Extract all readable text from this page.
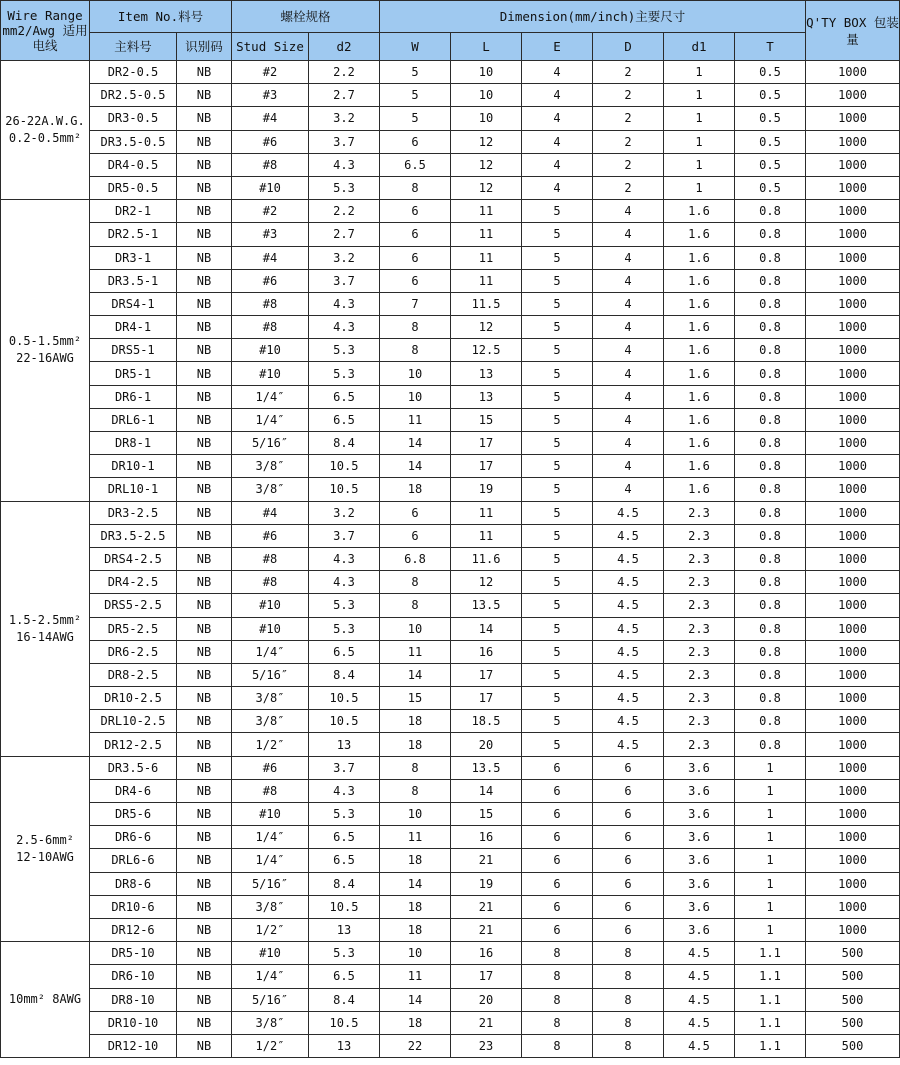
Wire Range mm2/Awg 适用电线	Item No.料号		螺栓规格		Dimension(mm/inch)主要尺寸						Q'TY BOX 包装量
	主料号	识别码	Stud Size	d2	W	L	E	D	d1	T	
26-22A.W.G. 0.2-0.5mm²	DR2-0.5	NB	#2	2.2	5	10	4	2	1	0.5	1000
	DR2.5-0.5	NB	#3	2.7	5	10	4	2	1	0.5	1000
	DR3-0.5	NB	#4	3.2	5	10	4	2	1	0.5	1000
	DR3.5-0.5	NB	#6	3.7	6	12	4	2	1	0.5	1000
	DR4-0.5	NB	#8	4.3	6.5	12	4	2	1	0.5	1000
	DR5-0.5	NB	#10	5.3	8	12	4	2	1	0.5	1000
0.5-1.5mm² 22-16AWG	DR2-1	NB	#2	2.2	6	11	5	4	1.6	0.8	1000
	DR2.5-1	NB	#3	2.7	6	11	5	4	1.6	0.8	1000
	DR3-1	NB	#4	3.2	6	11	5	4	1.6	0.8	1000
	DR3.5-1	NB	#6	3.7	6	11	5	4	1.6	0.8	1000
	DRS4-1	NB	#8	4.3	7	11.5	5	4	1.6	0.8	1000
	DR4-1	NB	#8	4.3	8	12	5	4	1.6	0.8	1000
	DRS5-1	NB	#10	5.3	8	12.5	5	4	1.6	0.8	1000
	DR5-1	NB	#10	5.3	10	13	5	4	1.6	0.8	1000
	DR6-1	NB	1/4″	6.5	10	13	5	4	1.6	0.8	1000
	DRL6-1	NB	1/4″	6.5	11	15	5	4	1.6	0.8	1000
	DR8-1	NB	5/16″	8.4	14	17	5	4	1.6	0.8	1000
	DR10-1	NB	3/8″	10.5	14	17	5	4	1.6	0.8	1000
	DRL10-1	NB	3/8″	10.5	18	19	5	4	1.6	0.8	1000
1.5-2.5mm² 16-14AWG	DR3-2.5	NB	#4	3.2	6	11	5	4.5	2.3	0.8	1000
	DR3.5-2.5	NB	#6	3.7	6	11	5	4.5	2.3	0.8	1000
	DRS4-2.5	NB	#8	4.3	6.8	11.6	5	4.5	2.3	0.8	1000
	DR4-2.5	NB	#8	4.3	8	12	5	4.5	2.3	0.8	1000
	DRS5-2.5	NB	#10	5.3	8	13.5	5	4.5	2.3	0.8	1000
	DR5-2.5	NB	#10	5.3	10	14	5	4.5	2.3	0.8	1000
	DR6-2.5	NB	1/4″	6.5	11	16	5	4.5	2.3	0.8	1000
	DR8-2.5	NB	5/16″	8.4	14	17	5	4.5	2.3	0.8	1000
	DR10-2.5	NB	3/8″	10.5	15	17	5	4.5	2.3	0.8	1000
	DRL10-2.5	NB	3/8″	10.5	18	18.5	5	4.5	2.3	0.8	1000
	DR12-2.5	NB	1/2″	13	18	20	5	4.5	2.3	0.8	1000
2.5-6mm² 12-10AWG	DR3.5-6	NB	#6	3.7	8	13.5	6	6	3.6	1	1000
	DR4-6	NB	#8	4.3	8	14	6	6	3.6	1	1000
	DR5-6	NB	#10	5.3	10	15	6	6	3.6	1	1000
	DR6-6	NB	1/4″	6.5	11	16	6	6	3.6	1	1000
	DRL6-6	NB	1/4″	6.5	18	21	6	6	3.6	1	1000
	DR8-6	NB	5/16″	8.4	14	19	6	6	3.6	1	1000
	DR10-6	NB	3/8″	10.5	18	21	6	6	3.6	1	1000
	DR12-6	NB	1/2″	13	18	21	6	6	3.6	1	1000
10mm² 8AWG	DR5-10	NB	#10	5.3	10	16	8	8	4.5	1.1	500
	DR6-10	NB	1/4″	6.5	11	17	8	8	4.5	1.1	500
	DR8-10	NB	5/16″	8.4	14	20	8	8	4.5	1.1	500
	DR10-10	NB	3/8″	10.5	18	21	8	8	4.5	1.1	500
	DR12-10	NB	1/2″	13	22	23	8	8	4.5	1.1	500
